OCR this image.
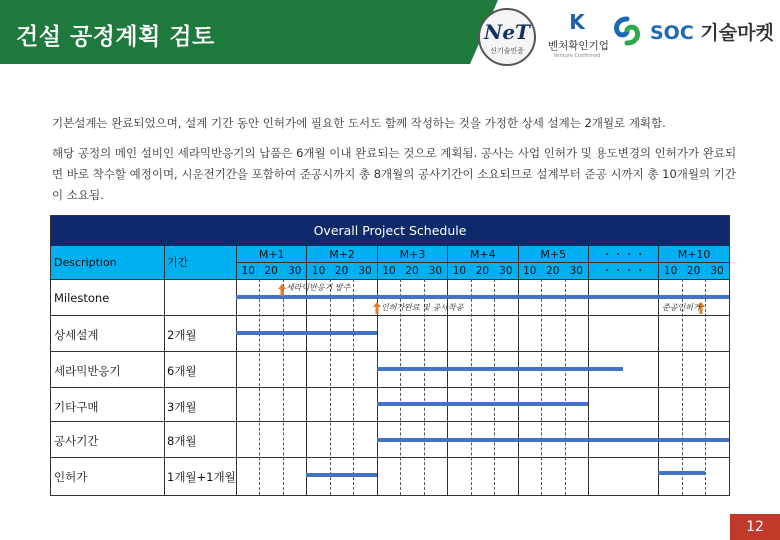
건설 공정계획 검토	NeT
신기술인증
K
벤처확인기업
Venture Confirmed
SOC 기술마켓
기본설계는 완료되었으며, 설계 기간 동안 인허가에 필요한 도서도 함께 작성하는 것을 가정한 상세 설계는 2개월로 계획함.
해당 공정의 메인 설비인 세라믹반응기의 납품은 6개월 이내 완료되는 것으로 계획됨. 공사는 사업 인허가 및 용도변경의 인허가가 완료되면 바로 착수할 예정이며, 시운전기간을 포함하여 준공시까지 총 8개월의 공사기간이 소요되므로 설계부터 준공 시까지 총 10개월의 기간이 소요됨.
Overall Project Schedule
Description	기간
M+1	M+2	M+3	M+4	M+5	・・・・	M+10
10 20 30	10 20 30	10 20 30	10 20 30	10 20 30	・・・・	10 20 30
Milestone
상세설계	2개월
세라믹반응기	6개월
기타구매	3개월
공사기간	8개월
인허가	1개월+1개월
세라믹반응기 발주
인허가완료 및 공사착공	준공인허가
12
